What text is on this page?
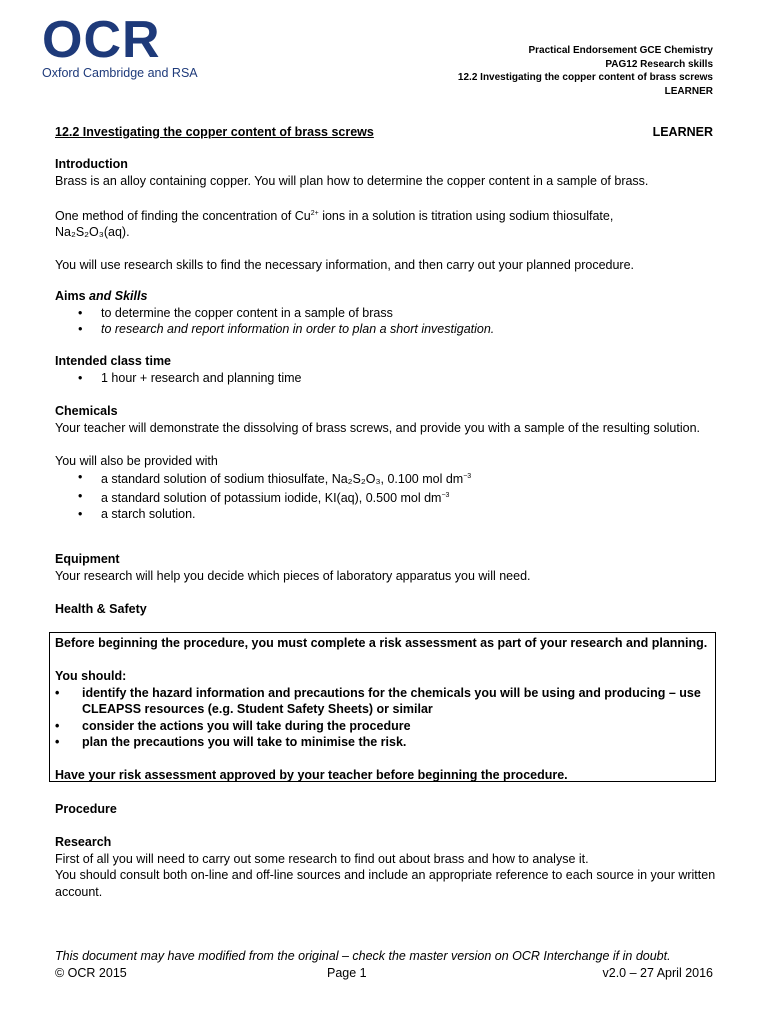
OCR
Oxford Cambridge and RSA
Practical Endorsement GCE Chemistry
PAG12 Research skills
12.2 Investigating the copper content of brass screws
LEARNER
12.2 Investigating the copper content of brass screws	LEARNER
Introduction

Brass is an alloy containing copper. You will plan how to determine the copper content in a sample of brass.

One method of finding the concentration of $Cu^{2+}$ ions in a solution is titration using sodium thiosulfate,
Na₂S₂O₃(aq).

You will use research skills to find the necessary information, and then carry out your planned procedure.

Aims and Skills
• to determine the copper content in a sample of brass
• to research and report information in order to plan a short investigation.
Intended class time
• 1 hour + research and planning time
Chemicals

Your teacher will demonstrate the dissolving of brass screws, and provide you with a sample of the resulting solution.

You will also be provided with

• a standard solution of sodium thiosulfate, Na₂S₂O₃, 0.100 mol $dm^{-3}$
• a standard solution of potassium iodide, KI(aq), 0.500 mol $dm^{-3}$
• a starch solution.
Equipment

Your research will help you decide which pieces of laboratory apparatus you will need.

Health & Safety

Before beginning the procedure, you must complete a risk assessment as part of your research and planning.

You should:

• identify the hazard information and precautions for the chemicals you will be using and producing – use CLEAPSS resources (e.g. Student Safety Sheets) or similar
• consider the actions you will take during the procedure
• plan the precautions you will take to minimise the risk.

Have your risk assessment approved by your teacher before beginning the procedure.

Procedure
Research

First of all you will need to carry out some research to find out about brass and how to analyse it.

You should consult both on-line and off-line sources and include an appropriate reference to each source in your written account.

This document may have modified from the original – check the master version on OCR Interchange if in doubt.
© OCR 2015	Page 1	v2.0 – 27 April 2016
